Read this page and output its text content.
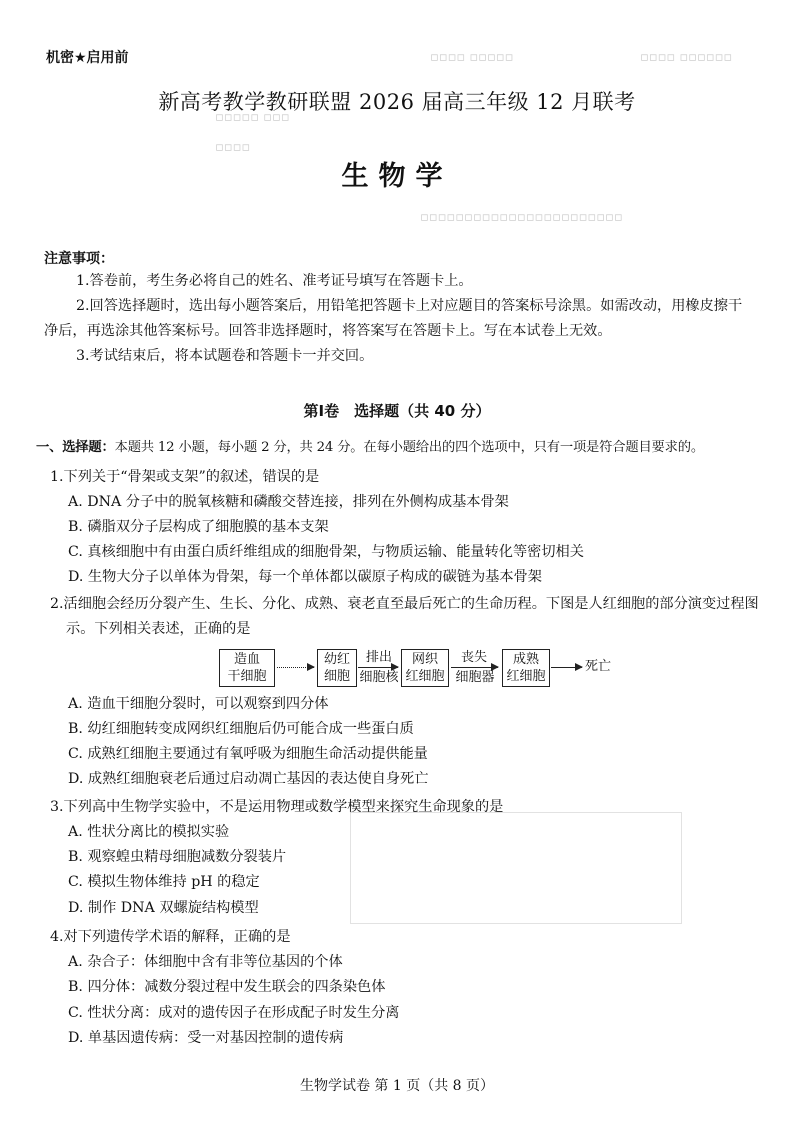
▫▫▫▫ ▫▫▫▫▫	▫▫▫▫ ▫▫▫▫▫▫
▫▫▫▫▫ ▫▫▫
▫▫▫▫
▫▫▫▫▫▫▫▫▫▫▫▫▫▫▫▫▫▫▫▫▫▫▫
机密★启用前
新高考教学教研联盟 2026 届高三年级 12 月联考
生物学
注意事项：
1.答卷前，考生务必将自己的姓名、准考证号填写在答题卡上。
2.回答选择题时，选出每小题答案后，用铅笔把答题卡上对应题目的答案标号涂黑。如需改动，用橡皮擦干净后，再选涂其他答案标号。回答非选择题时，将答案写在答题卡上。写在本试卷上无效。
3.考试结束后，将本试题卷和答题卡一并交回。
第Ⅰ卷　选择题（共 40 分）
一、选择题：本题共 12 小题，每小题 2 分，共 24 分。在每小题给出的四个选项中，只有一项是符合题目要求的。
1.下列关于“骨架或支架”的叙述，错误的是
A. DNA 分子中的脱氧核糖和磷酸交替连接，排列在外侧构成基本骨架
B. 磷脂双分子层构成了细胞膜的基本支架
C. 真核细胞中有由蛋白质纤维组成的细胞骨架，与物质运输、能量转化等密切相关
D. 生物大分子以单体为骨架，每一个单体都以碳原子构成的碳链为基本骨架
2.活细胞会经历分裂产生、生长、分化、成熟、衰老直至最后死亡的生命历程。下图是人红细胞的部分演变过程图示。下列相关表述，正确的是
造血
干细胞
幼红
细胞
排出
细胞核
网织
红细胞
丧失
细胞器
成熟
红细胞
死亡
A. 造血干细胞分裂时，可以观察到四分体
B. 幼红细胞转变成网织红细胞后仍可能合成一些蛋白质
C. 成熟红细胞主要通过有氧呼吸为细胞生命活动提供能量
D. 成熟红细胞衰老后通过启动凋亡基因的表达使自身死亡
3.下列高中生物学实验中，不是运用物理或数学模型来探究生命现象的是
A. 性状分离比的模拟实验
B. 观察蝗虫精母细胞减数分裂装片
C. 模拟生物体维持 pH 的稳定
D. 制作 DNA 双螺旋结构模型
4.对下列遗传学术语的解释，正确的是
A. 杂合子：体细胞中含有非等位基因的个体
B. 四分体：减数分裂过程中发生联会的四条染色体
C. 性状分离：成对的遗传因子在形成配子时发生分离
D. 单基因遗传病：受一对基因控制的遗传病
生物学试卷 第 1 页（共 8 页）
